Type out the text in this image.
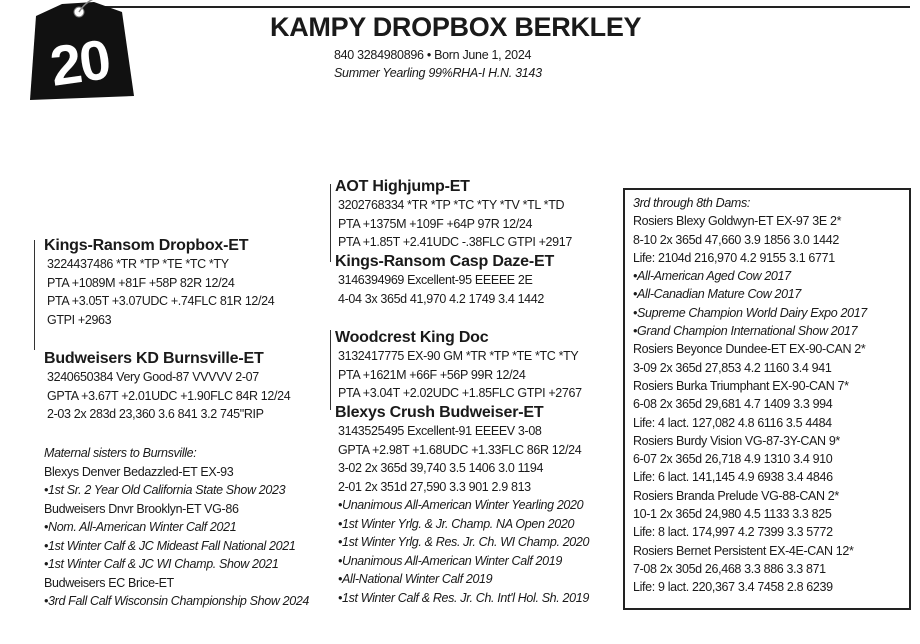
20
KAMPY DROPBOX BERKLEY
840 3284980896 • Born June 1, 2024
Summer Yearling 99%RHA-I H.N. 3143
Kings-Ransom Dropbox-ET
3224437486 *TR *TP *TE *TC *TY
PTA +1089M +81F +58P 82R 12/24
PTA +3.05T +3.07UDC +.74FLC 81R 12/24
GTPI +2963
Budweisers KD Burnsville-ET
3240650384 Very Good-87 VVVVV 2-07
GPTA +3.67T +2.01UDC +1.90FLC 84R 12/24
2-03 2x 283d 23,360 3.6 841 3.2 745"RIP
Maternal sisters to Burnsville:
Blexys Denver Bedazzled-ET EX-93
•1st Sr. 2 Year Old California State Show 2023
Budweisers Dnvr Brooklyn-ET VG-86
•Nom. All-American Winter Calf 2021
•1st Winter Calf & JC Mideast Fall National 2021
•1st Winter Calf & JC WI Champ. Show 2021
Budweisers EC Brice-ET
•3rd Fall Calf Wisconsin Championship Show 2024
AOT Highjump-ET
3202768334 *TR *TP *TC *TY *TV *TL *TD
PTA +1375M +109F +64P 97R 12/24
PTA +1.85T +2.41UDC -.38FLC GTPI +2917
Kings-Ransom Casp Daze-ET
3146394969 Excellent-95 EEEEE 2E
4-04 3x 365d 41,970 4.2 1749 3.4 1442
Woodcrest King Doc
3132417775 EX-90 GM *TR *TP *TE *TC *TY
PTA +1621M +66F +56P 99R 12/24
PTA +3.04T +2.02UDC +1.85FLC GTPI +2767
Blexys Crush Budweiser-ET
3143525495 Excellent-91 EEEEV 3-08
GPTA +2.98T +1.68UDC +1.33FLC 86R 12/24
3-02 2x 365d 39,740 3.5 1406 3.0 1194
2-01 2x 351d 27,590 3.3 901 2.9 813
•Unanimous All-American Winter Yearling 2020
•1st Winter Yrlg. & Jr. Champ. NA Open 2020
•1st Winter Yrlg. & Res. Jr. Ch. WI Champ. 2020
•Unanimous All-American Winter Calf 2019
•All-National Winter Calf 2019
•1st Winter Calf & Res. Jr. Ch. Int'l Hol. Sh. 2019
3rd through 8th Dams:
Rosiers Blexy Goldwyn-ET EX-97 3E 2*
8-10 2x 365d 47,660 3.9 1856 3.0 1442
Life: 2104d 216,970 4.2 9155 3.1 6771
•All-American Aged Cow 2017
•All-Canadian Mature Cow 2017
•Supreme Champion World Dairy Expo 2017
•Grand Champion International Show 2017
Rosiers Beyonce Dundee-ET EX-90-CAN 2*
3-09 2x 365d 27,853 4.2 1160 3.4 941
Rosiers Burka Triumphant EX-90-CAN 7*
6-08 2x 365d 29,681 4.7 1409 3.3 994
Life: 4 lact. 127,082 4.8 6116 3.5 4484
Rosiers Burdy Vision VG-87-3Y-CAN 9*
6-07 2x 365d 26,718 4.9 1310 3.4 910
Life: 6 lact. 141,145 4.9 6938 3.4 4846
Rosiers Branda Prelude VG-88-CAN 2*
10-1 2x 365d 24,980 4.5 1133 3.3 825
Life: 8 lact. 174,997 4.2 7399 3.3 5772
Rosiers Bernet Persistent EX-4E-CAN 12*
7-08 2x 305d 26,468 3.3 886 3.3 871
Life: 9 lact. 220,367 3.4 7458 2.8 6239
